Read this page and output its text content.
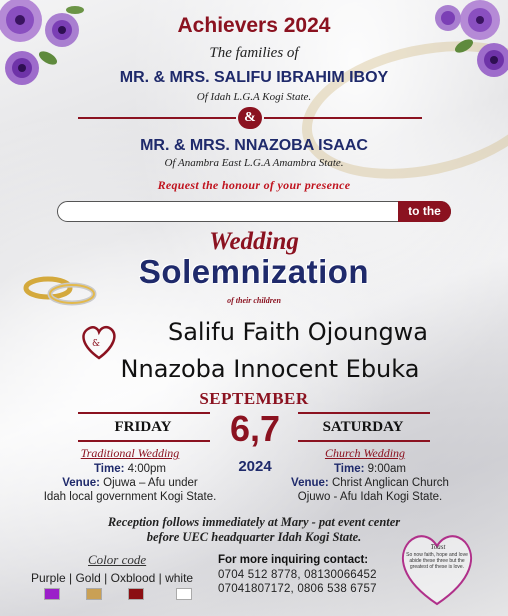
Achievers 2024
The families of
MR. & MRS. SALIFU IBRAHIM IBOY
Of Idah L.G.A Kogi State.
&
MR. & MRS. NNAZOBA ISAAC
Of Anambra East L.G.A Amambra State.
Request the honour of your presence
to the
Wedding
Solemnization
of their children
&	Salifu Faith Ojoungwa
Nnazoba Innocent Ebuka
SEPTEMBER
FRIDAY	6,7
2024
SATURDAY
Traditional Wedding
Time: 4:00pm
Venue: Ojuwa – Afu under
Idah local government Kogi State.
Church Wedding
Time: 9:00am
Venue: Christ Anglican Church
Ojuwo - Afu Idah Kogi State.
Reception follows immediately at Mary - pat event center
before UEC headquarter Idah Kogi State.
Color code
Purple | Gold | Oxblood | white
For more inquiring contact:
0704 512 8778, 08130066452
07041807172, 0806 538 6757
Toast
So now faith, hope and love abide these three but the greatest of these is love.
